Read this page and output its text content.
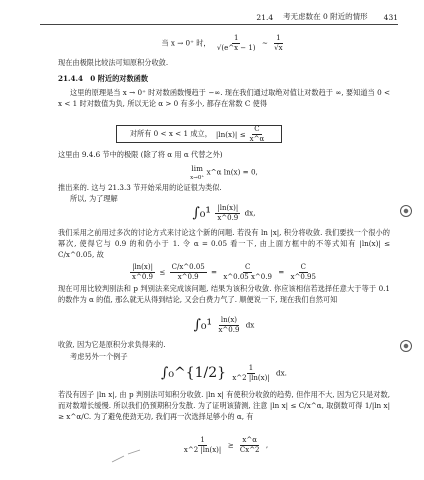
21.4 考无虑数在 0 附近的情形 431
当 x → 0⁺ 时， $\frac{1}{√(e\^{}x - 1)}$ ~ $\frac{1}{√x}$
现在由极限比较法可知原积分收敛.
21.4.4　0 附近的对数函数
这里的原理是当 x → 0⁺ 时对数函数慢趋于 −∞. 现在我们通过取绝对值让对数趋于 ∞, 要知道当 0 < x < 1 时对数值为负, 所以无论 α > 0 有多小, 都存在常数 C 使得
对所有 0 < x < 1 成立， $|\ln(x)| \le \frac{C}{x\^{}\alpha}$
这里由 9.4.6 节中的极限 (除了将 α 用 α 代替之外)
lim
x→0⁺
x^α ln(x) = 0,
推出来的. 这与 21.3.3 节开始采用的论证很为类似.
所以, 为了理解
$\int_0^1 \frac{|\ln(x)|}{x\^{}0.9}$ dx,
我们采用之前用过多次的讨论方式来讨论这个新的问题. 若没有 ln |x|, 积分将收敛. 我们要找一个很小的幂次, 使得它与 0.9 的和仍小于 1. 令 α = 0.05 看一下, 由上面方框中的不等式知有 |ln(x)| ≤ C/x^0.05, 故
$\frac{|\ln(x)|}{x\^{}0.9} \le \frac{C/x\^{}0.05}{x\^{}0.9} = \frac{C}{x\^{}0.05 x\^{}0.9} = \frac{C}{x\^{}0.95}$
现在可用比较判别法和 p 判别法来完成该问题, 结果为该积分收敛. 你应该相信若选择任意大于等于 0.1 的数作为 α 的值, 那么就无从得到结论, 又会白费力气了. 顺便说一下, 现在我们自然可知
$\int_0^1 \frac{\ln(x)}{x\^{}0.9}$ dx
收敛, 因为它是原积分求负得来的.
考虑另外一个例子
∫₀^{1/2} $\frac{1}{x\^{}2 |\ln(x)|}$ dx.
若没有因子 |ln x|, 由 p 判别法可知积分收敛. |ln x| 有使积分收敛的趋势, 但作用不大, 因为它只是对数, 而对数增长缓慢. 所以我们仍预期积分发散. 为了证明该猜测, 注意 |ln x| ≤ C/x^α, 取倒数可得 1/|ln x| ≥ x^α/C. 为了避免使劲无功, 我们再一次选择足够小的 α, 有
$\frac{1}{x\^{}2 |\ln(x)|} \ge \frac{x\^{}\alpha}{Cx\^{}2}$ ,
